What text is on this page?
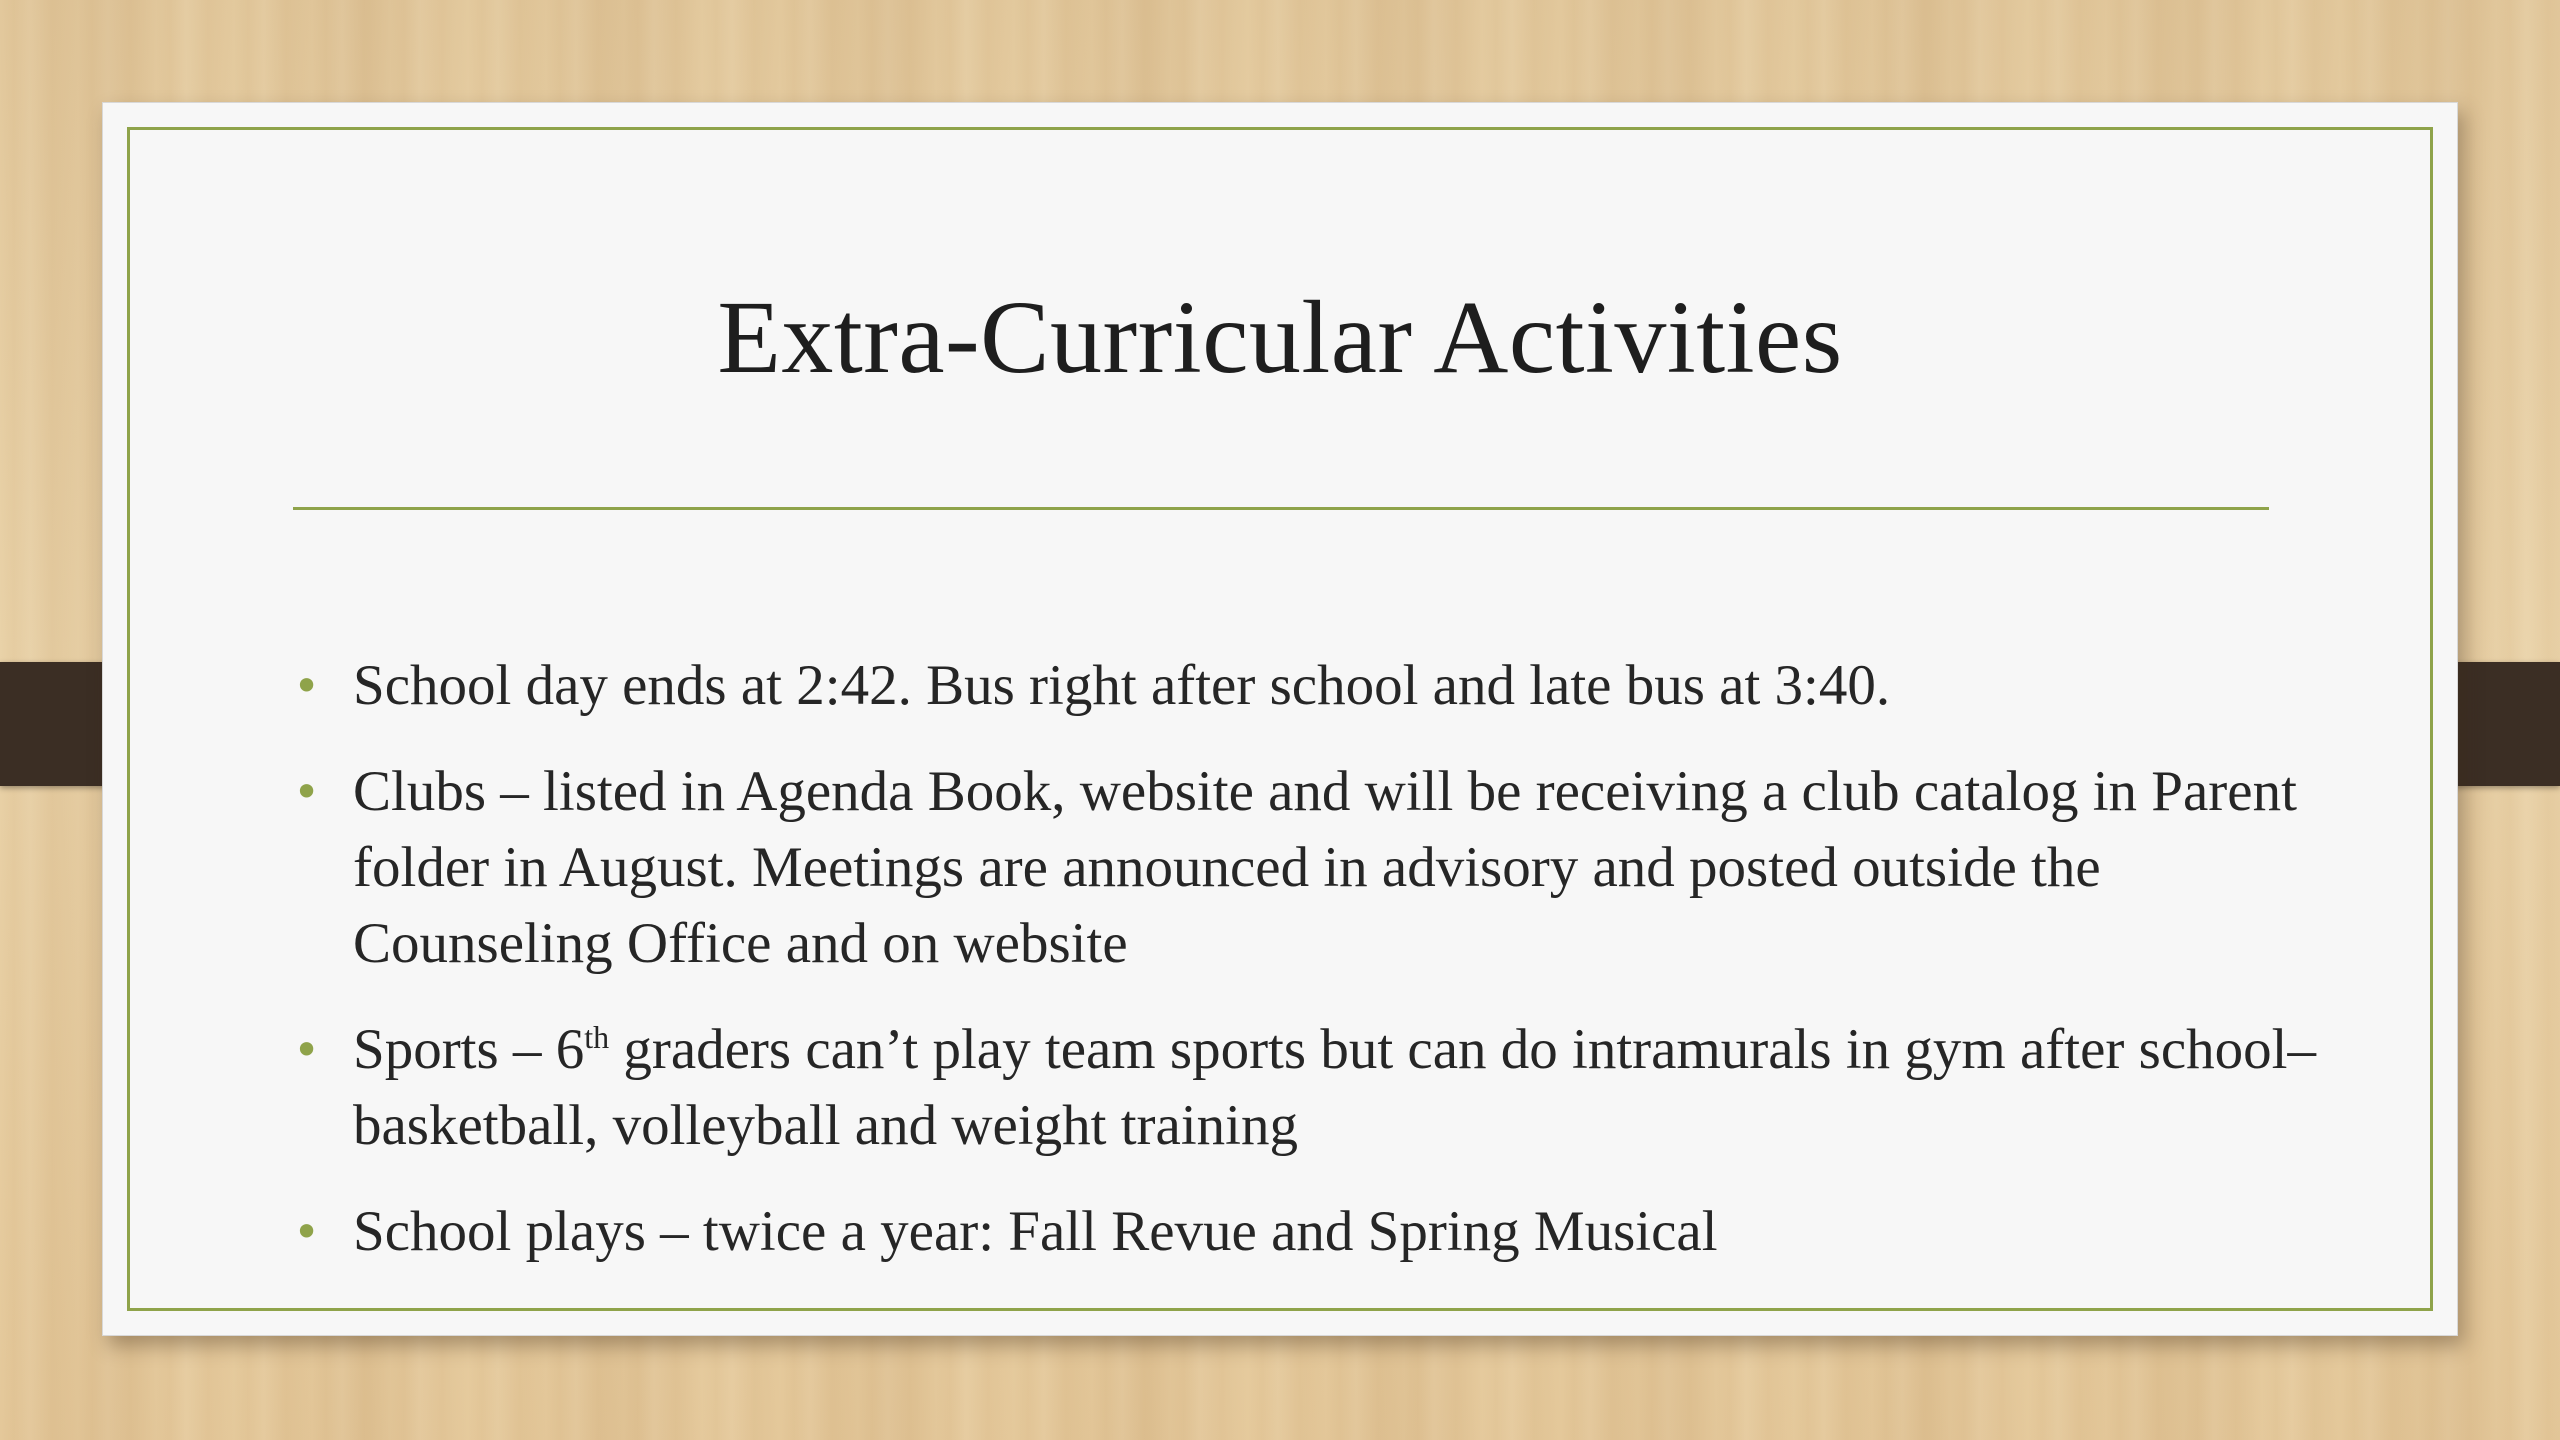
Extra-Curricular Activities
• School day ends at 2:42. Bus right after school and late bus at 3:40.
• Clubs – listed in Agenda Book, website and will be receiving a club catalog in Parent folder in August. Meetings are announced in advisory and posted outside the Counseling Office and on website
• Sports – 6th graders can’t play team sports but can do intramurals in gym after school– basketball, volleyball and weight training
• School plays – twice a year: Fall Revue and Spring Musical
